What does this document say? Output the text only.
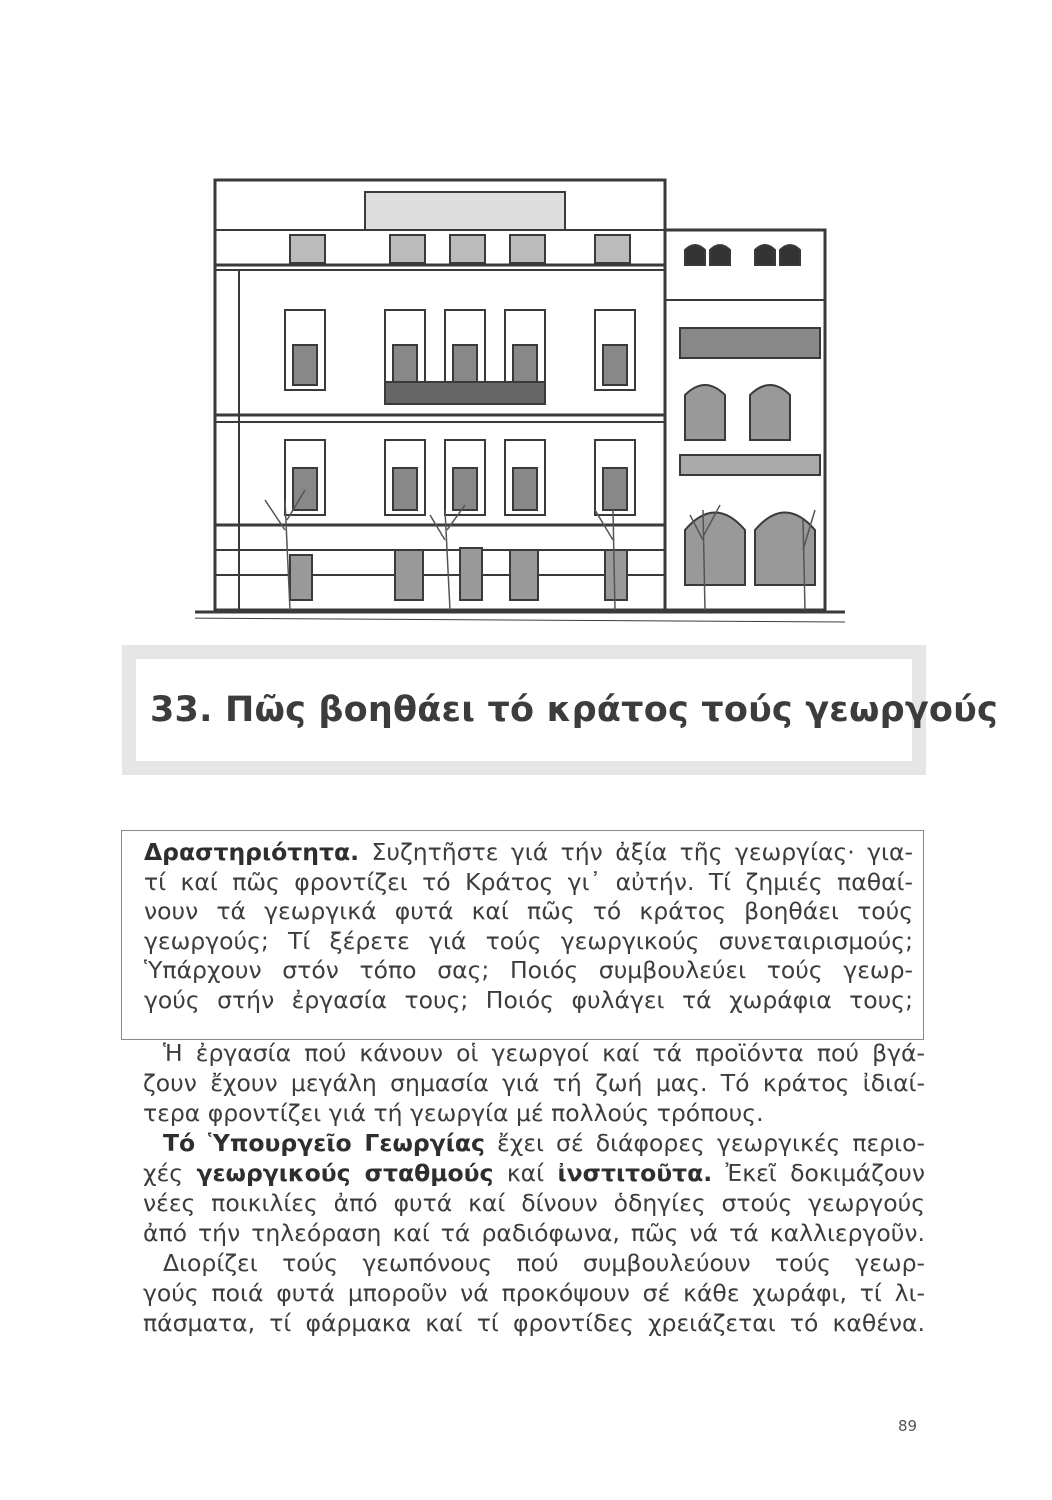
33. Πῶς βοηθάει τό κράτος τούς γεωργούς
Δραστηριότητα. Συζητῆστε γιά τήν ἀξία τῆς γεωργίας· για-
τί καί πῶς φροντίζει τό Κράτος γι᾿ αὐτήν. Τί ζημιές παθαί-
νουν τά γεωργικά φυτά καί πῶς τό κράτος βοηθάει τούς
γεωργούς; Τί ξέρετε γιά τούς γεωργικούς συνεταιρισμούς;
Ὑπάρχουν στόν τόπο σας; Ποιός συμβουλεύει τούς γεωρ-
γούς στήν ἐργασία τους; Ποιός φυλάγει τά χωράφια τους;
Ἡ ἐργασία πού κάνουν οἱ γεωργοί καί τά προϊόντα πού βγά-
ζουν ἔχουν μεγάλη σημασία γιά τή ζωή μας. Τό κράτος ἰδιαί-
τερα φροντίζει γιά τή γεωργία μέ πολλούς τρόπους.
Τό Ὑπουργεῖο Γεωργίας ἔχει σέ διάφορες γεωργικές περιο-
χές γεωργικούς σταθμούς καί ἰνστιτοῦτα. Ἐκεῖ δοκιμάζουν
νέες ποικιλίες ἀπό φυτά καί δίνουν ὁδηγίες στούς γεωργούς
ἀπό τήν τηλεόραση καί τά ραδιόφωνα, πῶς νά τά καλλιεργοῦν.
Διορίζει τούς γεωπόνους πού συμβουλεύουν τούς γεωρ-
γούς ποιά φυτά μποροῦν νά προκόψουν σέ κάθε χωράφι, τί λι-
πάσματα, τί φάρμακα καί τί φροντίδες χρειάζεται τό καθένα.
89
